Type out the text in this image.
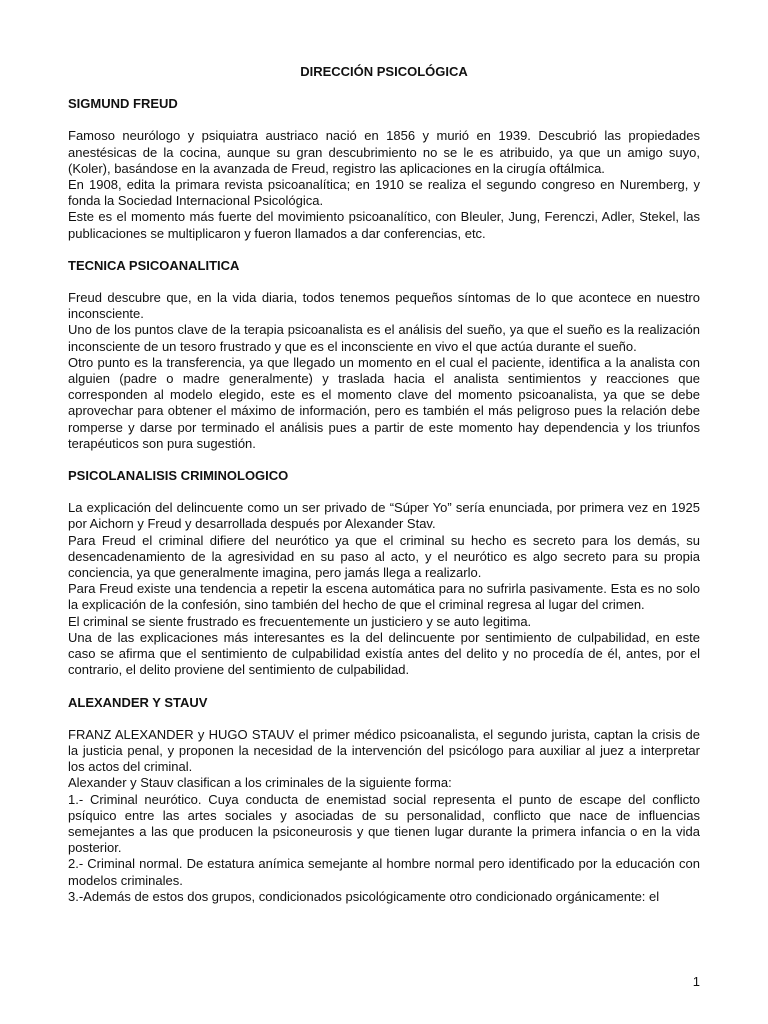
DIRECCIÓN PSICOLÓGICA
SIGMUND FREUD

Famoso neurólogo y psiquiatra austriaco nació en 1856 y murió en 1939. Descubrió las propiedades anestésicas de la cocina, aunque su gran descubrimiento no se le es atribuido, ya que un amigo suyo, (Koler), basándose en la avanzada de Freud, registro las aplicaciones en la cirugía oftálmica.

En 1908, edita la primara revista psicoanalítica; en 1910 se realiza el segundo congreso en Nuremberg, y fonda la Sociedad Internacional Psicológica.

Este es el momento más fuerte del movimiento psicoanalítico, con Bleuler, Jung, Ferenczi, Adler, Stekel, las publicaciones se multiplicaron y fueron llamados a dar conferencias, etc.

TECNICA PSICOANALITICA

Freud descubre que, en la vida diaria, todos tenemos pequeños síntomas de lo que acontece en nuestro inconsciente.

Uno de los puntos clave de la terapia psicoanalista es el análisis del sueño, ya que el sueño es la realización inconsciente de un tesoro frustrado y que es el inconsciente en vivo el que actúa durante el sueño.

Otro punto es la transferencia, ya que llegado un momento en el cual el paciente, identifica a la analista con alguien (padre o madre generalmente) y traslada hacia el analista sentimientos y reacciones que corresponden al modelo elegido, este es el momento clave del momento psicoanalista, ya que se debe aprovechar para obtener el máximo de información, pero es también el más peligroso pues la relación debe romperse y darse por terminado el análisis pues a partir de este momento hay dependencia y los triunfos terapéuticos son pura sugestión.

PSICOLANALISIS CRIMINOLOGICO

La explicación del delincuente como un ser privado de “Súper Yo” sería enunciada, por primera vez en 1925 por Aichorn y Freud y desarrollada después por Alexander Stav.

Para Freud el criminal difiere del neurótico ya que el criminal su hecho es secreto para los demás, su desencadenamiento de la agresividad en su paso al acto, y el neurótico es algo secreto para su propia conciencia, ya que generalmente imagina, pero jamás llega a realizarlo.

Para Freud existe una tendencia a repetir la escena automática para no sufrirla pasivamente. Esta es no solo la explicación de la confesión, sino también del hecho de que el criminal regresa al lugar del crimen.

El criminal se siente frustrado es frecuentemente un justiciero y se auto legitima.

Una de las explicaciones más interesantes es la del delincuente por sentimiento de culpabilidad, en este caso se afirma que el sentimiento de culpabilidad existía antes del delito y no procedía de él, antes, por el contrario, el delito proviene del sentimiento de culpabilidad.

ALEXANDER Y STAUV

FRANZ ALEXANDER y HUGO STAUV el primer médico psicoanalista, el segundo jurista, captan la crisis de la justicia penal, y proponen la necesidad de la intervención del psicólogo para auxiliar al juez a interpretar los actos del criminal.

Alexander y Stauv clasifican a los criminales de la siguiente forma:

1.- Criminal neurótico. Cuya conducta de enemistad social representa el punto de escape del conflicto psíquico entre las artes sociales y asociadas de su personalidad, conflicto que nace de influencias semejantes a las que producen la psiconeurosis y que tienen lugar durante la primera infancia o en la vida posterior.

2.- Criminal normal. De estatura anímica semejante al hombre normal pero identificado por la educación con modelos criminales.

3.-Además de estos dos grupos, condicionados psicológicamente otro condicionado orgánicamente: el

1
